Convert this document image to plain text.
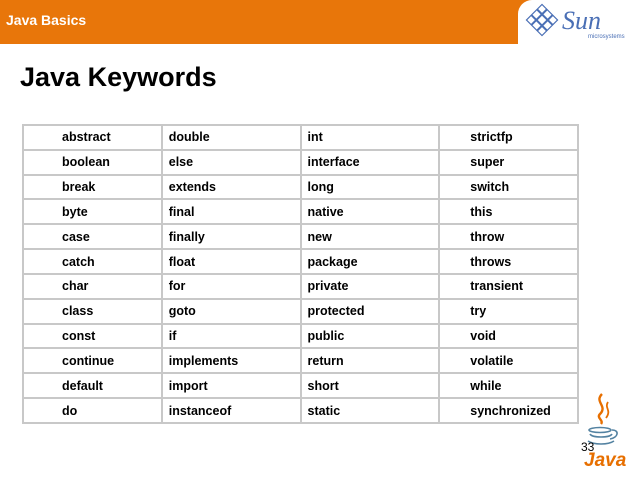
Java Basics	Sun
microsystems
Java Keywords
abstract	double	int	strictfp
boolean	else	interface	super
break	extends	long	switch
byte	final	native	this
case	finally	new	throw
catch	float	package	throws
char	for	private	transient
class	goto	protected	try
const	if	public	void
continue	implements	return	volatile
default	import	short	while
do	instanceof	static	synchronized
Java
33
